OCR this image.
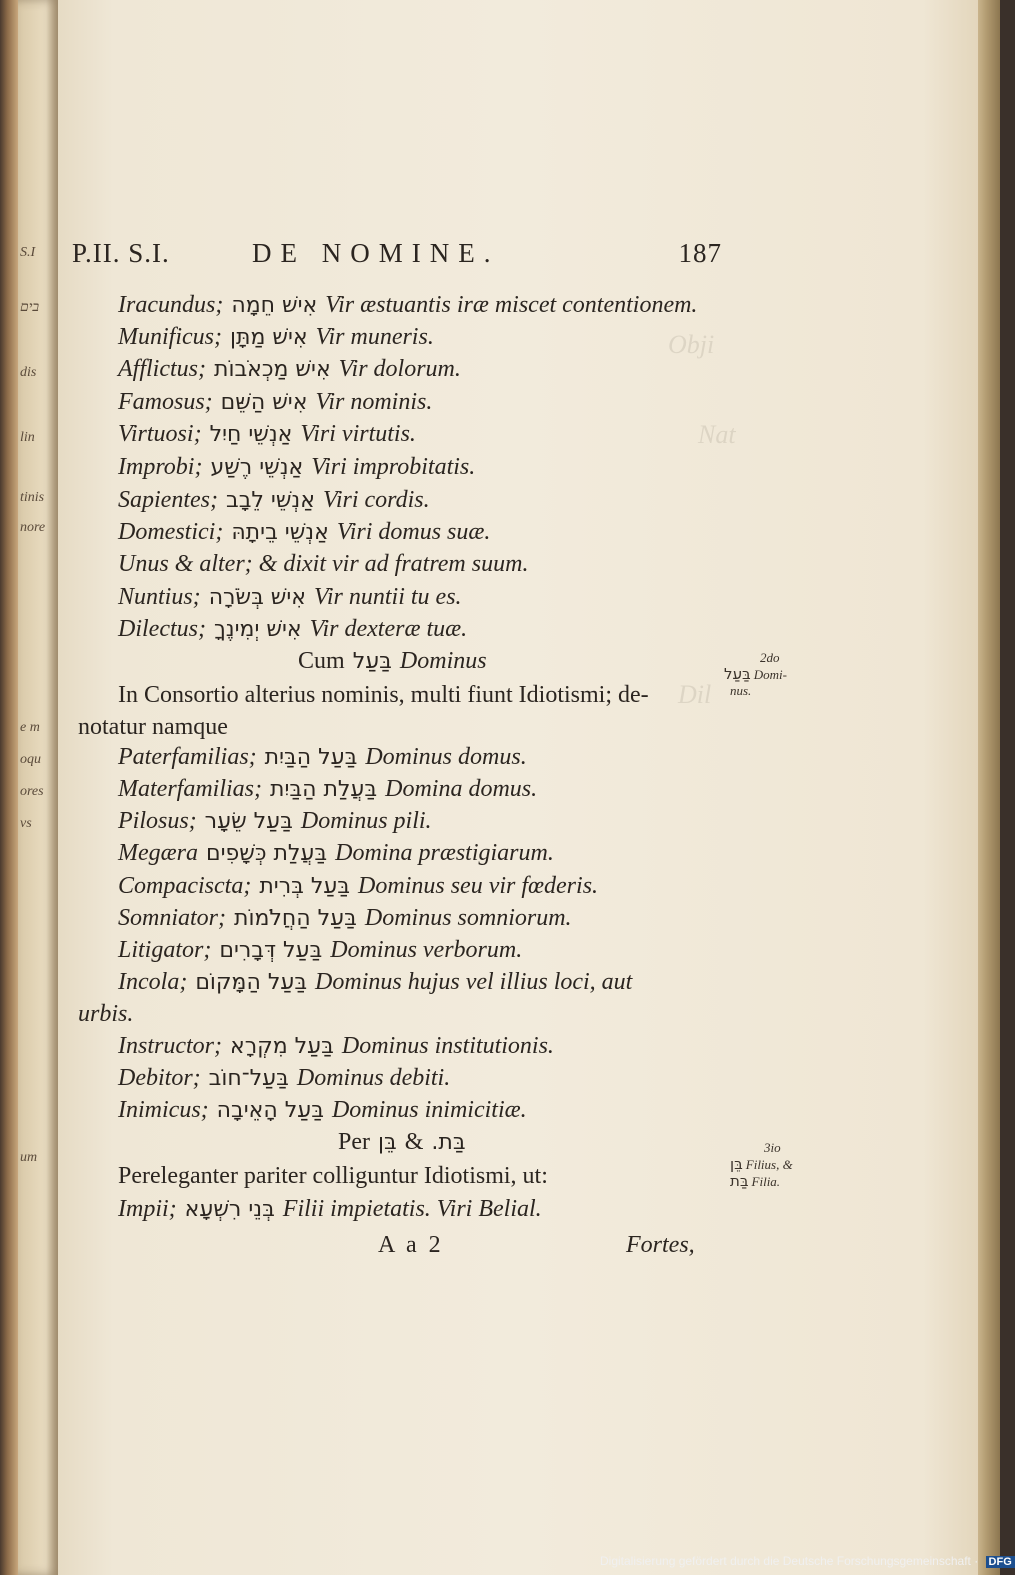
S.I
בים
dis
lin
tinis
nore
e m
oqu
ores
vs
um
Obji
Nat
Dil
P.II. S.I.	DE NOMINE.	187
Iracundus; אִישׁ חֵמָה Vir æstuantis iræ miscet contentionem.
Munificus; אִישׁ מַתָּן Vir muneris.
Afflictus; אִישׁ מַכְאֹבוֹת Vir dolorum.
Famosus; אִישׁ הַשֵּׁם Vir nominis.
Virtuosi; אַנְשֵׁי חַיִל Viri virtutis.
Improbi; אַנְשֵׁי רֶשַׁע Viri improbitatis.
Sapientes; אַנְשֵׁי לֵבָב Viri cordis.
Domestici; אַנְשֵׁי בֵיתָהּ Viri domus suæ.
Unus & alter; & dixit vir ad fratrem suum.
Nuntius; אִישׁ בְּשֹׂרָה Vir nuntii tu es.
Dilectus; אִישׁ יְמִינֶךָ Vir dexteræ tuæ.
Cum בַּעַל Dominus
In Consortio alterius nominis, multi fiunt Idiotismi; de-
notatur namque
Paterfamilias; בַּעַל הַבַּיִת Dominus domus.
Materfamilias; בַּעֲלַת הַבַּיִת Domina domus.
Pilosus; בַּעַל שֵׂעָר Dominus pili.
Megæra בַּעֲלַת כְּשָׁפִים Domina præstigiarum.
Compaciscta; בַּעַל בְּרִית Dominus seu vir fœderis.
Somniator; בַּעַל הַחֲלֹמוֹת Dominus somniorum.
Litigator; בַּעַל דְּבָרִים Dominus verborum.
Incola; בַּעַל הַמָּקוֹם Dominus hujus vel illius loci, aut
urbis.
Instructor; בַּעַל מִקְרָא Dominus institutionis.
Debitor; בַּעַל־חוֹב Dominus debiti.
Inimicus; בַּעַל הָאֵיבָה Dominus inimicitiæ.
Per בֵּן & בַּת.
Pereleganter pariter colliguntur Idiotismi, ut:
Impii; בְּנֵי רִשְׁעָא Filii impietatis. Viri Belial.
2do
בַּעַל Domi-
nus.
3io
בֵּן Filius, &
בַּת Filia.
A a 2	Fortes,
Digitalisierung gefördert durch die Deutsche Forschungsgemeinschaft · DFG
